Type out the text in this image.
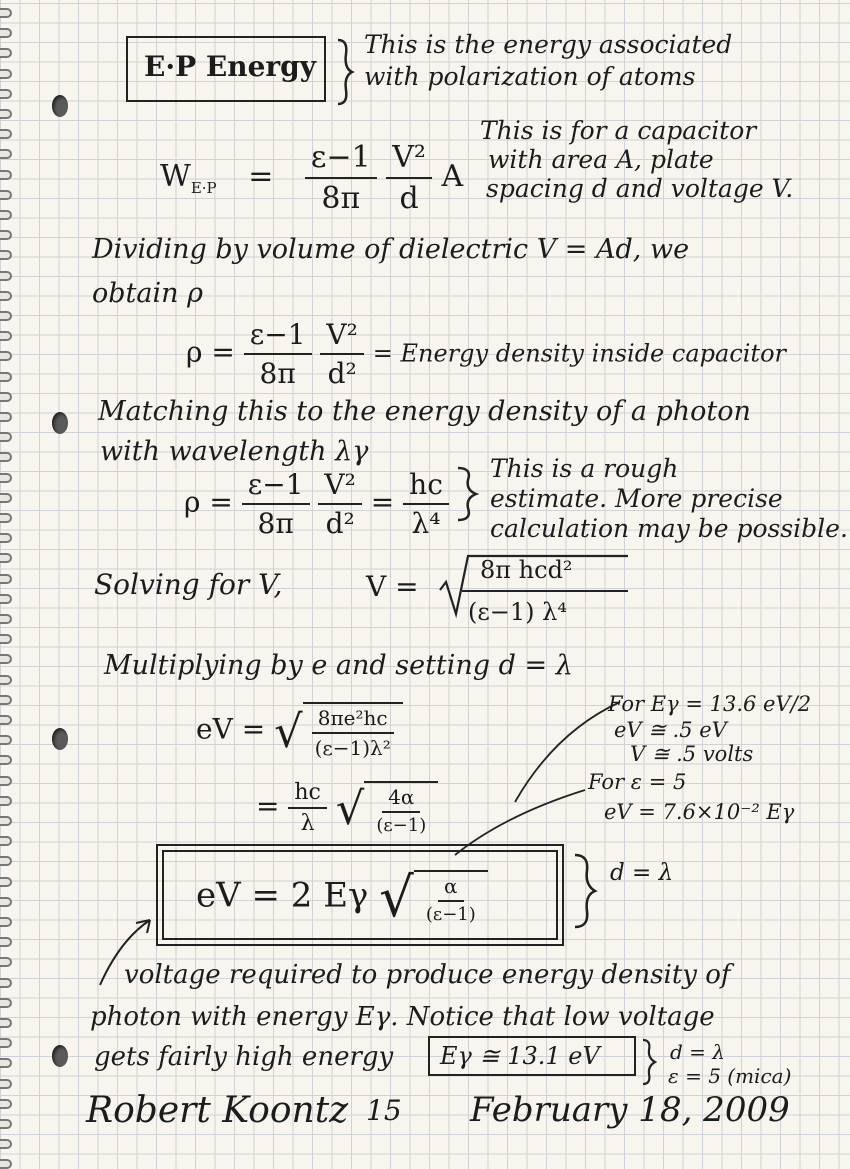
E·P Energy
This is the energy associated
with polarization of atoms
$W_{E\cdot P} = \frac{\varepsilon-1}{8\pi}$
$\frac{\text{V²}}{d}$ A
This is for a capacitor
with area A, plate
spacing d and voltage V.
Dividing by volume of dielectric V = Ad, we
obtain ρ
$\rho = \frac{\varepsilon-1}{8\pi}$
$\frac{\text{V²}}{\text{d²}}$ = Energy density inside capacitor
Matching this to the energy density of a photon
with wavelength λγ
$\rho = \frac{\varepsilon-1}{8\pi}$
$\frac{\text{V²}}{\text{d²}} = \frac{hc}{\text{λ⁴}}$ This is a rough
estimate. More precise
calculation may be possible.
Solving for V,	V =	8π hcd²
(ε−1) λ⁴
Multiplying by e and setting d = λ
eV = √ $\frac{\text{8πe²hc}}{\text{(ε−1)λ²}}$
= $\frac{hc}{\lambda}$
√ $\frac{4\alpha}{(\varepsilon-1)}$
For Eγ = 13.6 eV/2
eV ≅ .5 eV
V ≅ .5 volts
For ε = 5
eV = 7.6×10⁻² Eγ
eV = 2 Eγ √ $\frac{\alpha}{(\varepsilon-1)}$
d = λ
voltage required to produce energy density of
photon with energy Eγ. Notice that low voltage
gets fairly high energy Eγ ≅ 13.1 eV	d = λ
ε = 5 (mica)
Robert Koontz 15 February 18, 2009
